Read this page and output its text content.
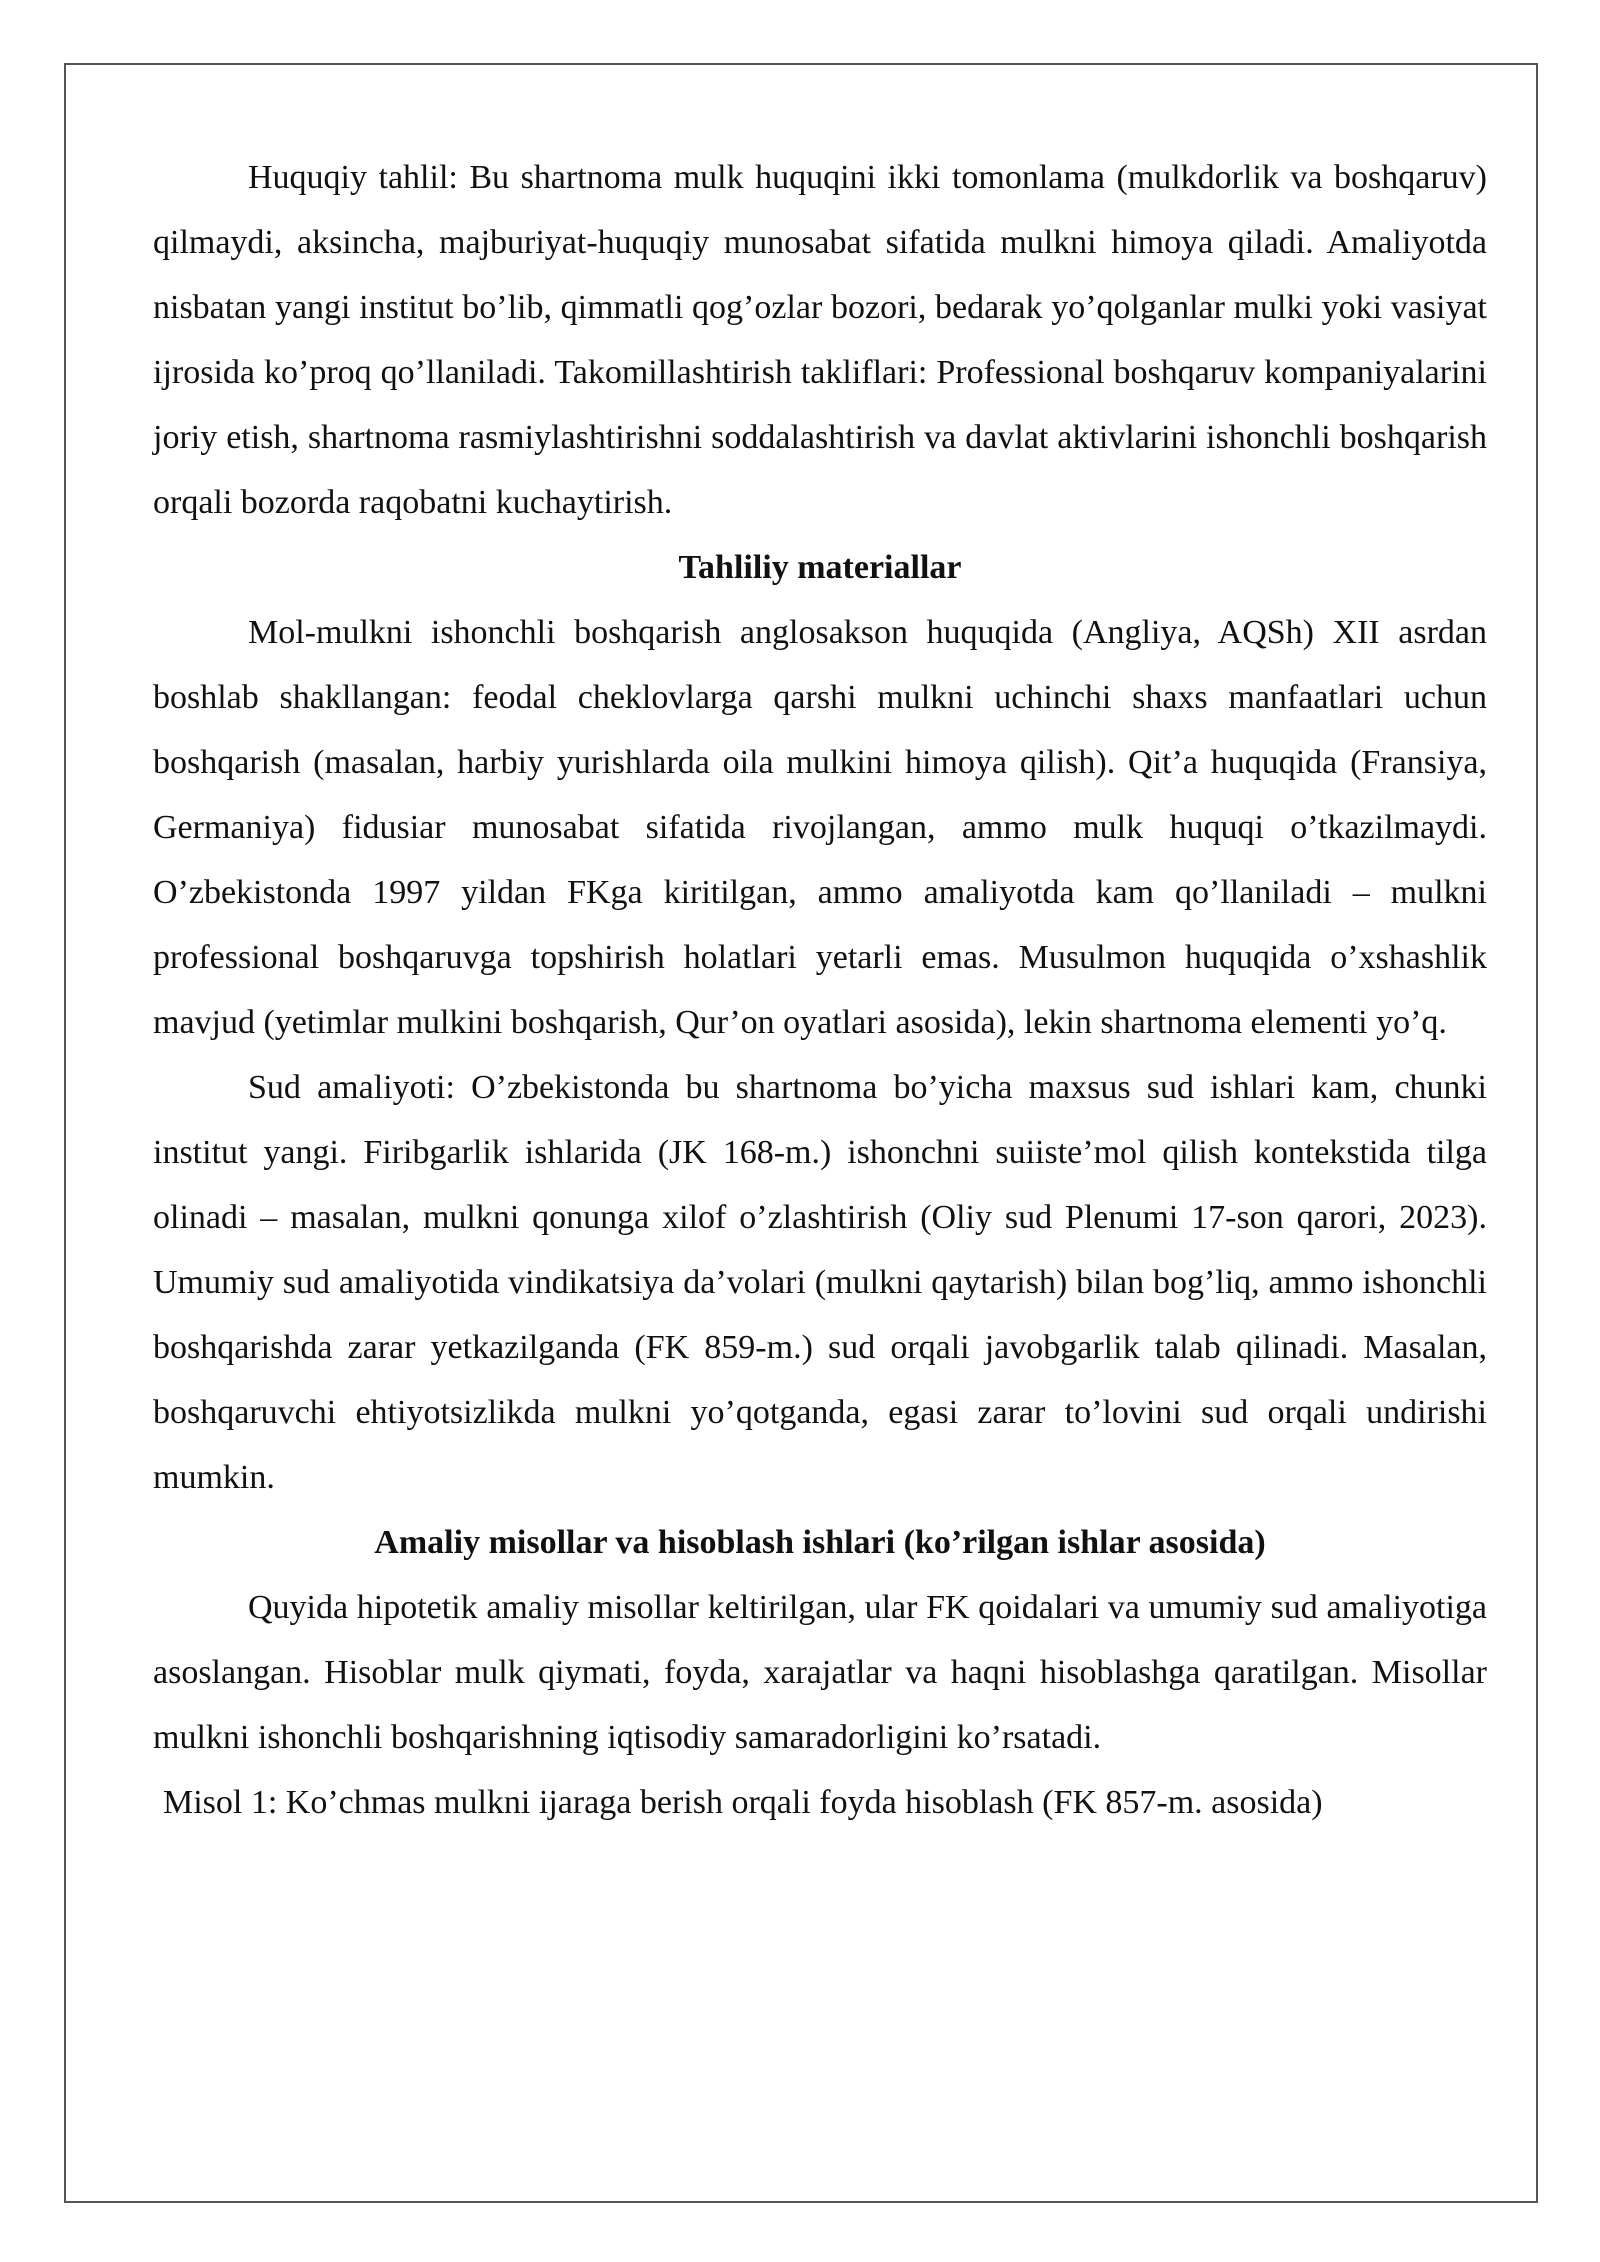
Huquqiy tahlil: Bu shartnoma mulk huquqini ikki tomonlama (mulkdorlik va boshqaruv) qilmaydi, aksincha, majburiyat-huquqiy munosabat sifatida mulkni himoya qiladi. Amaliyotda nisbatan yangi institut bo’lib, qimmatli qog’ozlar bozori, bedarak yo’qolganlar mulki yoki vasiyat ijrosida ko’proq qo’llaniladi. Takomillashtirish takliflari: Professional boshqaruv kompaniyalarini joriy etish, shartnoma rasmiylashtirishni soddalashtirish va davlat aktivlarini ishonchli boshqarish orqali bozorda raqobatni kuchaytirish.

Tahliliy materiallar

Mol-mulkni ishonchli boshqarish anglosakson huquqida (Angliya, AQSh) XII asrdan boshlab shakllangan: feodal cheklovlarga qarshi mulkni uchinchi shaxs manfaatlari uchun boshqarish (masalan, harbiy yurishlarda oila mulkini himoya qilish). Qit’a huquqida (Fransiya, Germaniya) fidusiar munosabat sifatida rivojlangan, ammo mulk huquqi o’tkazilmaydi. O’zbekistonda 1997 yildan FKga kiritilgan, ammo amaliyotda kam qo’llaniladi – mulkni professional boshqaruvga topshirish holatlari yetarli emas. Musulmon huquqida o’xshashlik mavjud (yetimlar mulkini boshqarish, Qur’on oyatlari asosida), lekin shartnoma elementi yo’q.

Sud amaliyoti: O’zbekistonda bu shartnoma bo’yicha maxsus sud ishlari kam, chunki institut yangi. Firibgarlik ishlarida (JK 168-m.) ishonchni suiiste’mol qilish kontekstida tilga olinadi – masalan, mulkni qonunga xilof o’zlashtirish (Oliy sud Plenumi 17-son qarori, 2023). Umumiy sud amaliyotida vindikatsiya da’volari (mulkni qaytarish) bilan bog’liq, ammo ishonchli boshqarishda zarar yetkazilganda (FK 859-m.) sud orqali javobgarlik talab qilinadi. Masalan, boshqaruvchi ehtiyotsizlikda mulkni yo’qotganda, egasi zarar to’lovini sud orqali undirishi mumkin.

Amaliy misollar va hisoblash ishlari (ko’rilgan ishlar asosida)

Quyida hipotetik amaliy misollar keltirilgan, ular FK qoidalari va umumiy sud amaliyotiga asoslangan. Hisoblar mulk qiymati, foyda, xarajatlar va haqni hisoblashga qaratilgan. Misollar mulkni ishonchli boshqarishning iqtisodiy samaradorligini ko’rsatadi.

Misol 1: Ko’chmas mulkni ijaraga berish orqali foyda hisoblash (FK 857-m. asosida)
